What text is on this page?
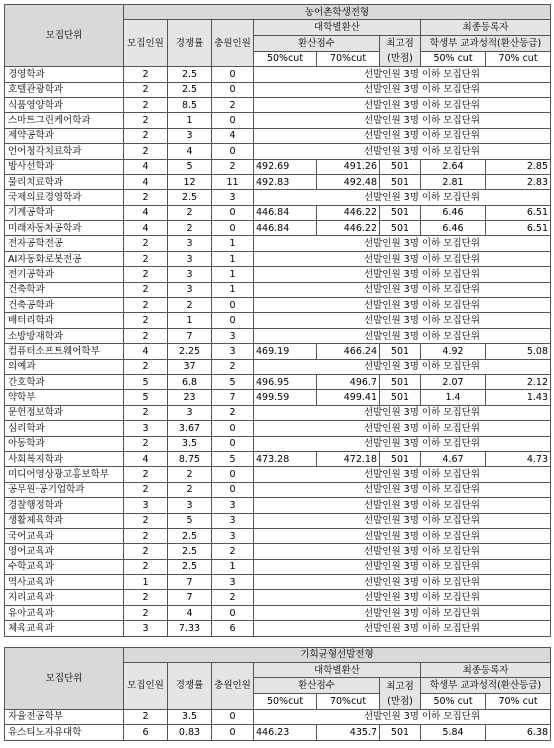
모집단위	농어촌학생전형							
	모집인원	경쟁률	충원인원	대학별환산			최종등록자	
				환산점수		최고점(만점)	학생부 교과성적(환산등급)	
				50%cut	70%cut		50% cut	70% cut
경영학과	2	2.5	0	선발인원 3명 이하 모집단위				
호텔관광학과	2	2.5	0	선발인원 3명 이하 모집단위				
식품영양학과	2	8.5	2	선발인원 3명 이하 모집단위				
스마트그린케어학과	2	1	0	선발인원 3명 이하 모집단위				
제약공학과	2	3	4	선발인원 3명 이하 모집단위				
언어청각치료학과	2	4	0	선발인원 3명 이하 모집단위				
방사선학과	4	5	2	492.69	491.26	501	2.64	2.85
물리치료학과	4	12	11	492.83	492.48	501	2.81	2.83
국제의료경영학과	2	2.5	3	선발인원 3명 이하 모집단위				
기계공학과	4	2	0	446.84	446.22	501	6.46	6.51
미래자동차공학과	4	2	0	446.84	446.22	501	6.46	6.51
전자공학전공	2	3	1	선발인원 3명 이하 모집단위				
AI자동화로봇전공	2	3	1	선발인원 3명 이하 모집단위				
전기공학과	2	3	1	선발인원 3명 이하 모집단위				
건축학과	2	3	1	선발인원 3명 이하 모집단위				
건축공학과	2	2	0	선발인원 3명 이하 모집단위				
배터리학과	2	1	0	선발인원 3명 이하 모집단위				
소방방재학과	2	7	3	선발인원 3명 이하 모집단위				
컴퓨터소프트웨어학부	4	2.25	3	469.19	466.24	501	4.92	5.08
의예과	2	37	2	선발인원 3명 이하 모집단위				
간호학과	5	6.8	5	496.95	496.7	501	2.07	2.12
약학부	5	23	7	499.59	499.41	501	1.4	1.43
문헌정보학과	2	3	2	선발인원 3명 이하 모집단위				
심리학과	3	3.67	0	선발인원 3명 이하 모집단위				
아동학과	2	3.5	0	선발인원 3명 이하 모집단위				
사회복지학과	4	8.75	5	473.28	472.18	501	4.67	4.73
미디어영상광고홍보학부	2	2	0	선발인원 3명 이하 모집단위				
공무원·공기업학과	2	2	0	선발인원 3명 이하 모집단위				
경찰행정학과	3	3	3	선발인원 3명 이하 모집단위				
생활체육학과	2	5	3	선발인원 3명 이하 모집단위				
국어교육과	2	2.5	3	선발인원 3명 이하 모집단위				
영어교육과	2	2.5	2	선발인원 3명 이하 모집단위				
수학교육과	2	2.5	1	선발인원 3명 이하 모집단위				
역사교육과	1	7	3	선발인원 3명 이하 모집단위				
지리교육과	2	7	2	선발인원 3명 이하 모집단위				
유아교육과	2	4	0	선발인원 3명 이하 모집단위				
체육교육과	3	7.33	6	선발인원 3명 이하 모집단위				
모집단위	기회균형선발전형							
	모집인원	경쟁률	충원인원	대학별환산			최종등록자	
				환산점수		최고점(만점)	학생부 교과성적(환산등급)	
				50%cut	70%cut		50% cut	70% cut
자율전공학부	2	3.5	0	선발인원 3명 이하 모집단위				
유스티노자유대학	6	0.83	0	446.23	435.7	501	5.84	6.38
